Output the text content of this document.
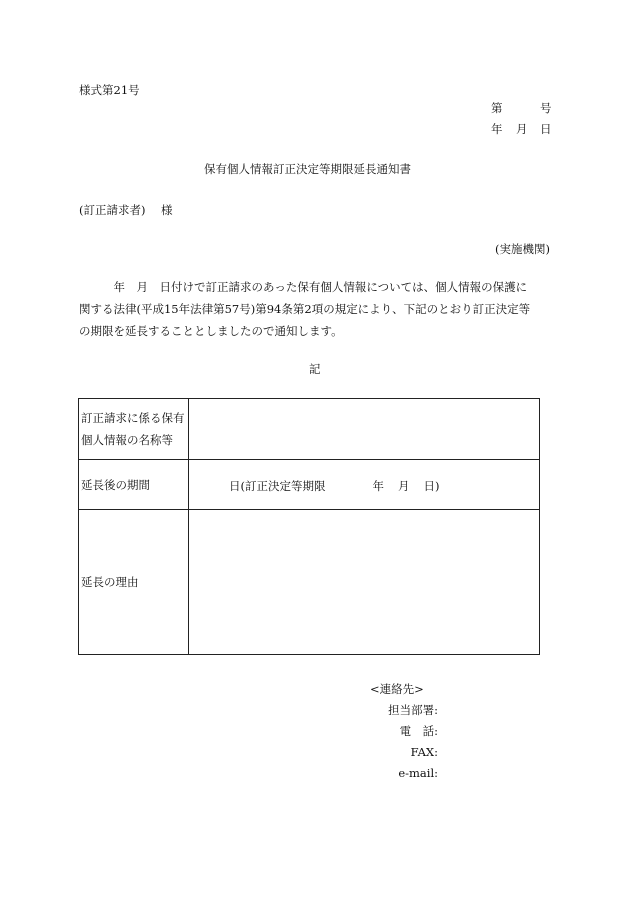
様式第21号
第	号
年 月 日
保有個人情報訂正決定等期限延長通知書
(訂正請求者) 様
(実施機関)
　　　年　月　日付けで訂正請求のあった保有個人情報については、個人情報の保護に
関する法律(平成15年法律第57号)第94条第2項の規定により、下記のとおり訂正決定等
の期限を延長することとしましたので通知します。
記
訂正請求に係る保有
個人情報の名称等
延長後の期間	日(訂正決定等期限	年 月 日)
延長の理由
<連絡先>
担当部署:
電　話:
FAX:
e-mail:
